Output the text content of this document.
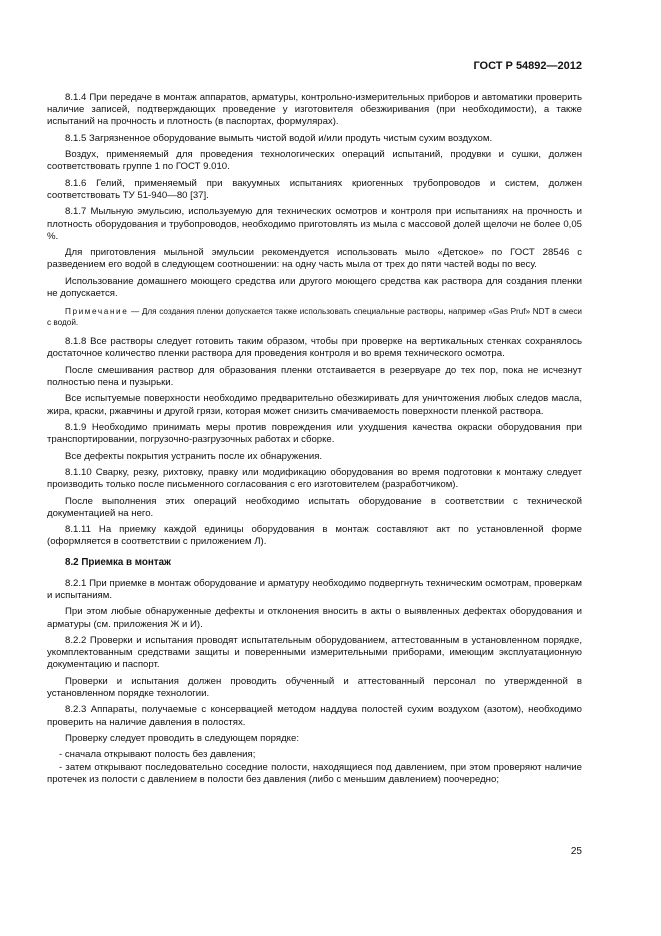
ГОСТ Р 54892—2012

8.1.4 При передаче в монтаж аппаратов, арматуры, контрольно-измерительных приборов и автоматики проверить наличие записей, подтверждающих проведение у изготовителя обезжиривания (при необходимости), а также испытаний на прочность и плотность (в паспортах, формулярах).

8.1.5 Загрязненное оборудование вымыть чистой водой и/или продуть чистым сухим воздухом.

Воздух, применяемый для проведения технологических операций испытаний, продувки и сушки, должен соответствовать группе 1 по ГОСТ 9.010.

8.1.6 Гелий, применяемый при вакуумных испытаниях криогенных трубопроводов и систем, должен соответствовать ТУ 51-940—80 [37].

8.1.7 Мыльную эмульсию, используемую для технических осмотров и контроля при испытаниях на прочность и плотность оборудования и трубопроводов, необходимо приготовлять из мыла с массовой долей щелочи не более 0,05 %.

Для приготовления мыльной эмульсии рекомендуется использовать мыло «Детское» по ГОСТ 28546 с разведением его водой в следующем соотношении: на одну часть мыла от трех до пяти частей воды по весу.

Использование домашнего моющего средства или другого моющего средства как раствора для создания пленки не допускается.

Примечание — Для создания пленки допускается также использовать специальные растворы, например «Gas Pruf» NDT в смеси с водой.

8.1.8 Все растворы следует готовить таким образом, чтобы при проверке на вертикальных стенках сохранялось достаточное количество пленки раствора для проведения контроля и во время технического осмотра.

После смешивания раствор для образования пленки отстаивается в резервуаре до тех пор, пока не исчезнут полностью пена и пузырьки.

Все испытуемые поверхности необходимо предварительно обезжиривать для уничтожения любых следов масла, жира, краски, ржавчины и другой грязи, которая может снизить смачиваемость поверхности пленкой раствора.

8.1.9 Необходимо принимать меры против повреждения или ухудшения качества окраски оборудования при транспортировании, погрузочно-разгрузочных работах и сборке.

Все дефекты покрытия устранить после их обнаружения.

8.1.10 Сварку, резку, рихтовку, правку или модификацию оборудования во время подготовки к монтажу следует производить только после письменного согласования с его изготовителем (разработчиком).

После выполнения этих операций необходимо испытать оборудование в соответствии с технической документацией на него.

8.1.11 На приемку каждой единицы оборудования в монтаж составляют акт по установленной форме (оформляется в соответствии с приложением Л).

8.2 Приемка в монтаж

8.2.1 При приемке в монтаж оборудование и арматуру необходимо подвергнуть техническим осмотрам, проверкам и испытаниям.

При этом любые обнаруженные дефекты и отклонения вносить в акты о выявленных дефектах оборудования и арматуры (см. приложения Ж и И).

8.2.2 Проверки и испытания проводят испытательным оборудованием, аттестованным в установленном порядке, укомплектованным средствами защиты и поверенными измерительными приборами, имеющим эксплуатационную документацию и паспорт.

Проверки и испытания должен проводить обученный и аттестованный персонал по утвержденной в установленном порядке технологии.

8.2.3 Аппараты, получаемые с консервацией методом наддува полостей сухим воздухом (азотом), необходимо проверить на наличие давления в полостях.

Проверку следует проводить в следующем порядке:

- сначала открывают полость без давления;

- затем открывают последовательно соседние полости, находящиеся под давлением, при этом проверяют наличие протечек из полости с давлением в полости без давления (либо с меньшим давлением) поочередно;

25
